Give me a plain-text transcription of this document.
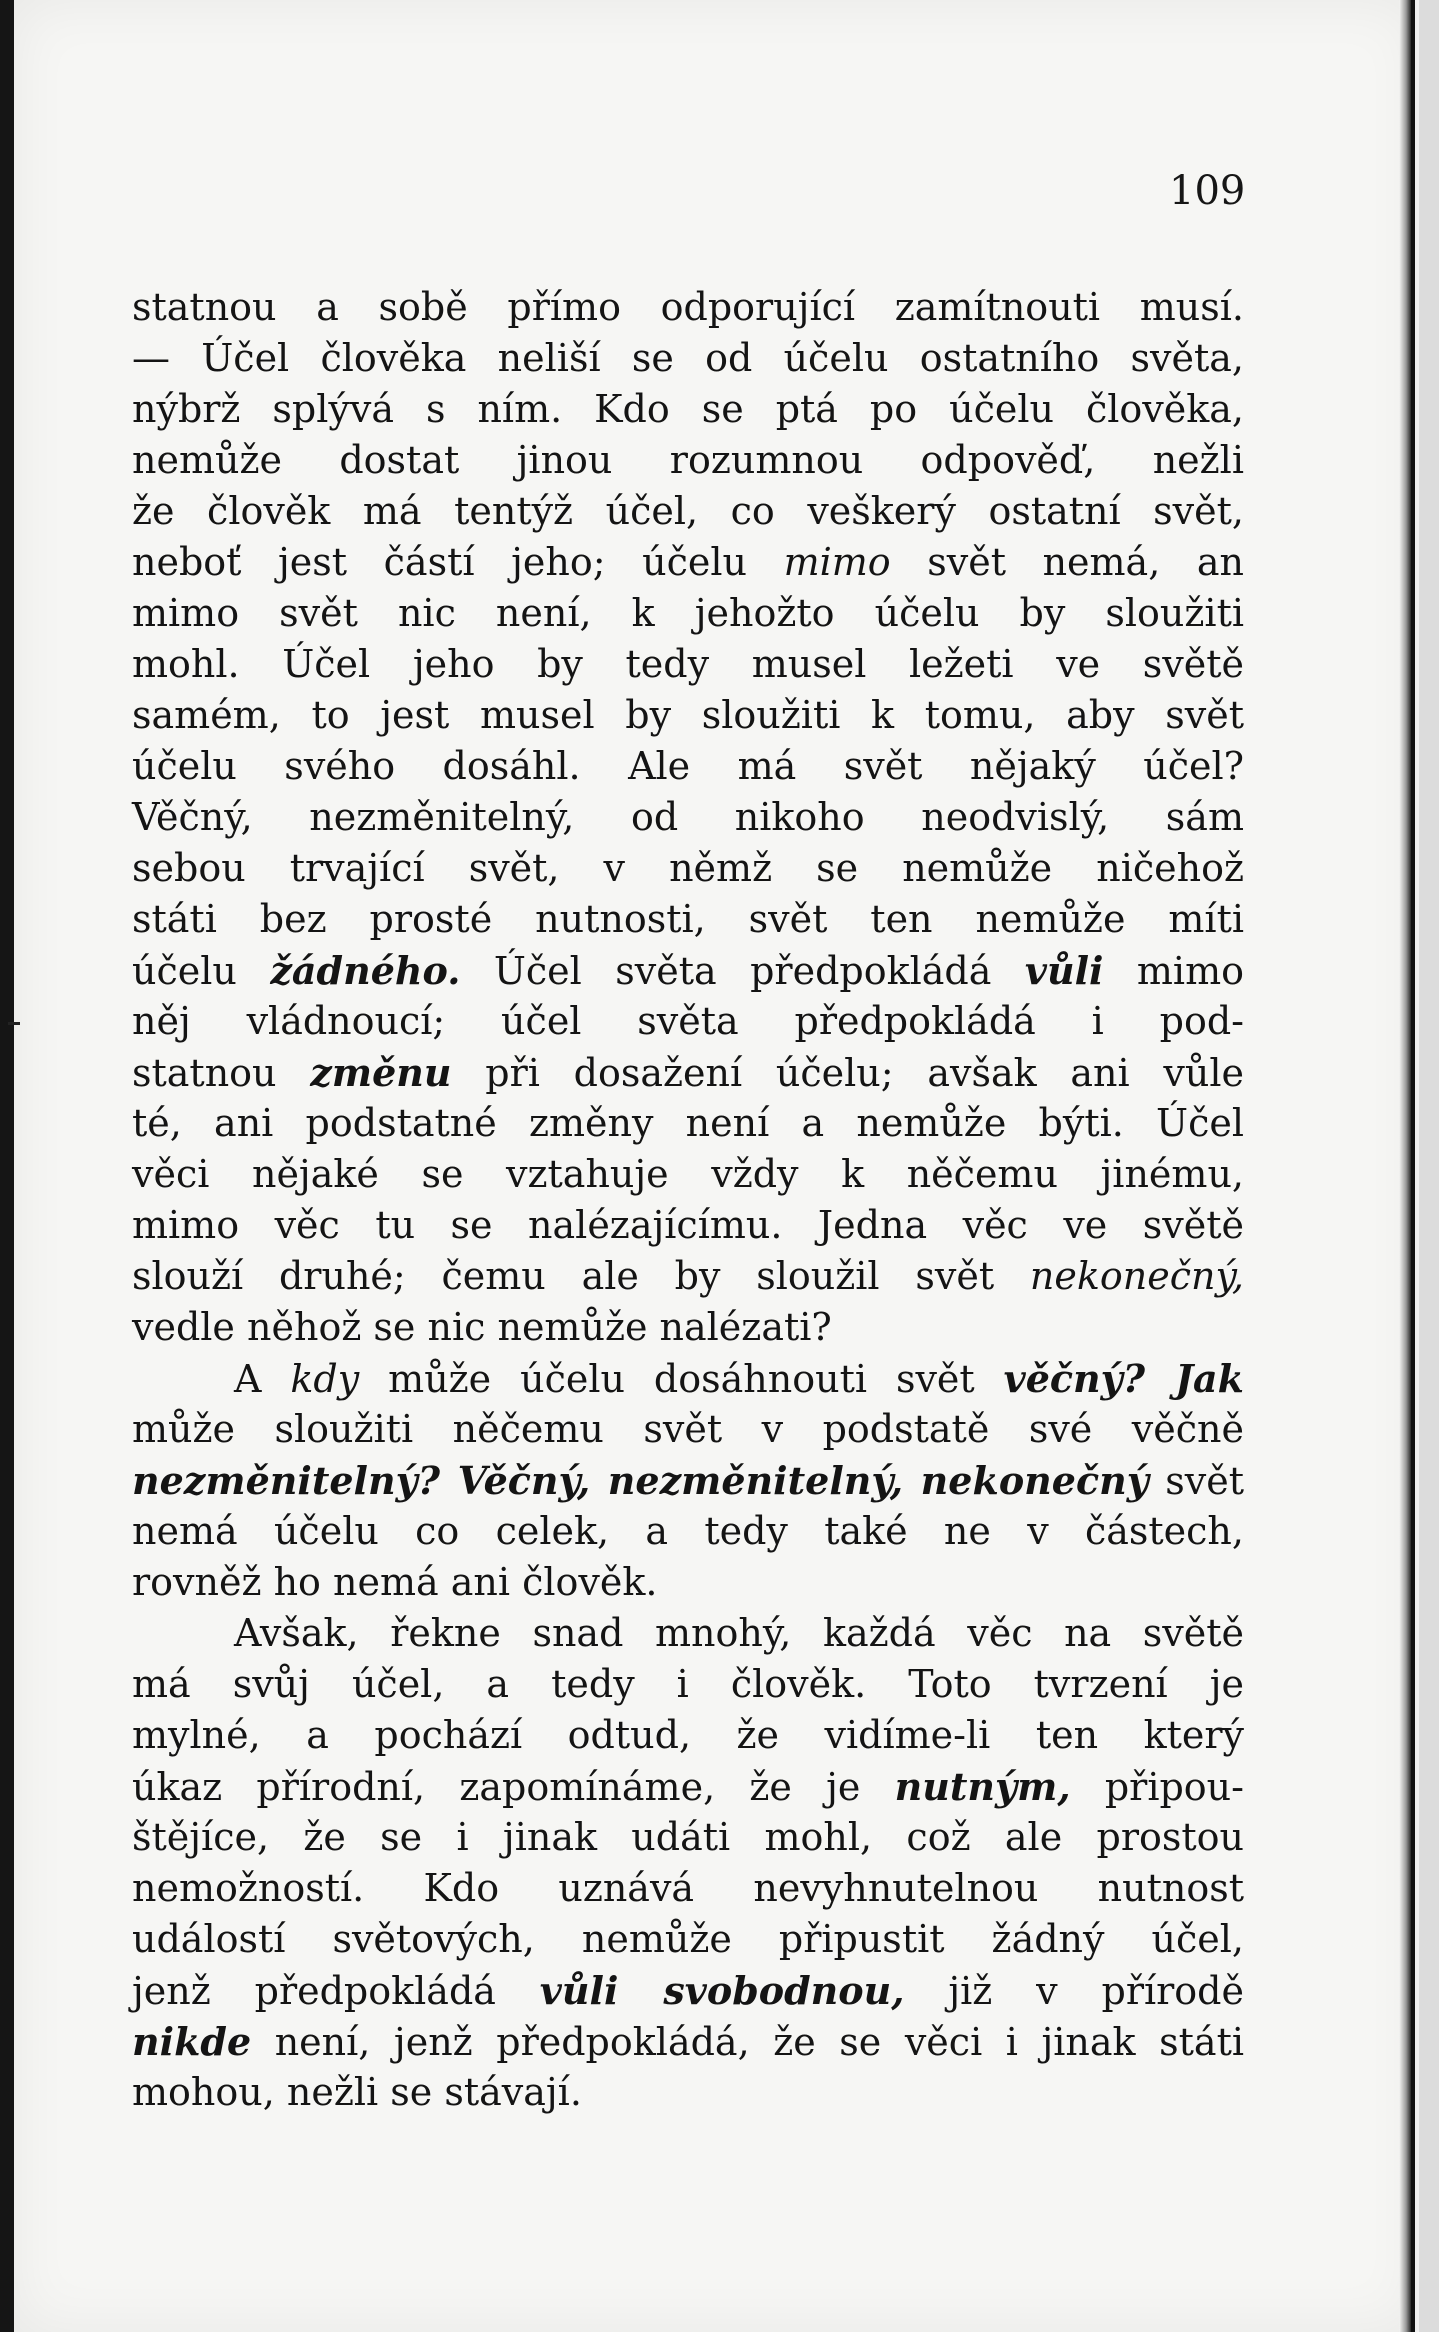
109
statnou a sobě přímo odporující zamítnouti musí.
— Účel člověka neliší se od účelu ostatního světa,
nýbrž splývá s ním. Kdo se ptá po účelu člověka,
nemůže dostat jinou rozumnou odpověď, nežli
že člověk má tentýž účel, co veškerý ostatní svět,
neboť jest částí jeho; účelu mimo svět nemá, an
mimo svět nic není, k jehožto účelu by sloužiti
mohl. Účel jeho by tedy musel ležeti ve světě
samém, to jest musel by sloužiti k tomu, aby svět
účelu svého dosáhl. Ale má svět nějaký účel?
Věčný, nezměnitelný, od nikoho neodvislý, sám
sebou trvající svět, v němž se nemůže ničehož
státi bez prosté nutnosti, svět ten nemůže míti
účelu žádného. Účel světa předpokládá vůli mimo
něj vládnoucí; účel světa předpokládá i pod-
statnou změnu při dosažení účelu; avšak ani vůle
té, ani podstatné změny není a nemůže býti. Účel
věci nějaké se vztahuje vždy k něčemu jinému,
mimo věc tu se nalézajícímu. Jedna věc ve světě
slouží druhé; čemu ale by sloužil svět nekonečný,
vedle něhož se nic nemůže nalézati?
A kdy může účelu dosáhnouti svět věčný? Jak
může sloužiti něčemu svět v podstatě své věčně
nezměnitelný? Věčný, nezměnitelný, nekonečný svět
nemá účelu co celek, a tedy také ne v částech,
rovněž ho nemá ani člověk.
Avšak, řekne snad mnohý, každá věc na světě
má svůj účel, a tedy i člověk. Toto tvrzení je
mylné, a pochází odtud, že vidíme-li ten který
úkaz přírodní, zapomínáme, že je nutným, připou-
štějíce, že se i jinak udáti mohl, což ale prostou
nemožností. Kdo uznává nevyhnutelnou nutnost
událostí světových, nemůže připustit žádný účel,
jenž předpokládá vůli svobodnou, již v přírodě
nikde není, jenž předpokládá, že se věci i jinak státi
mohou, nežli se stávají.
